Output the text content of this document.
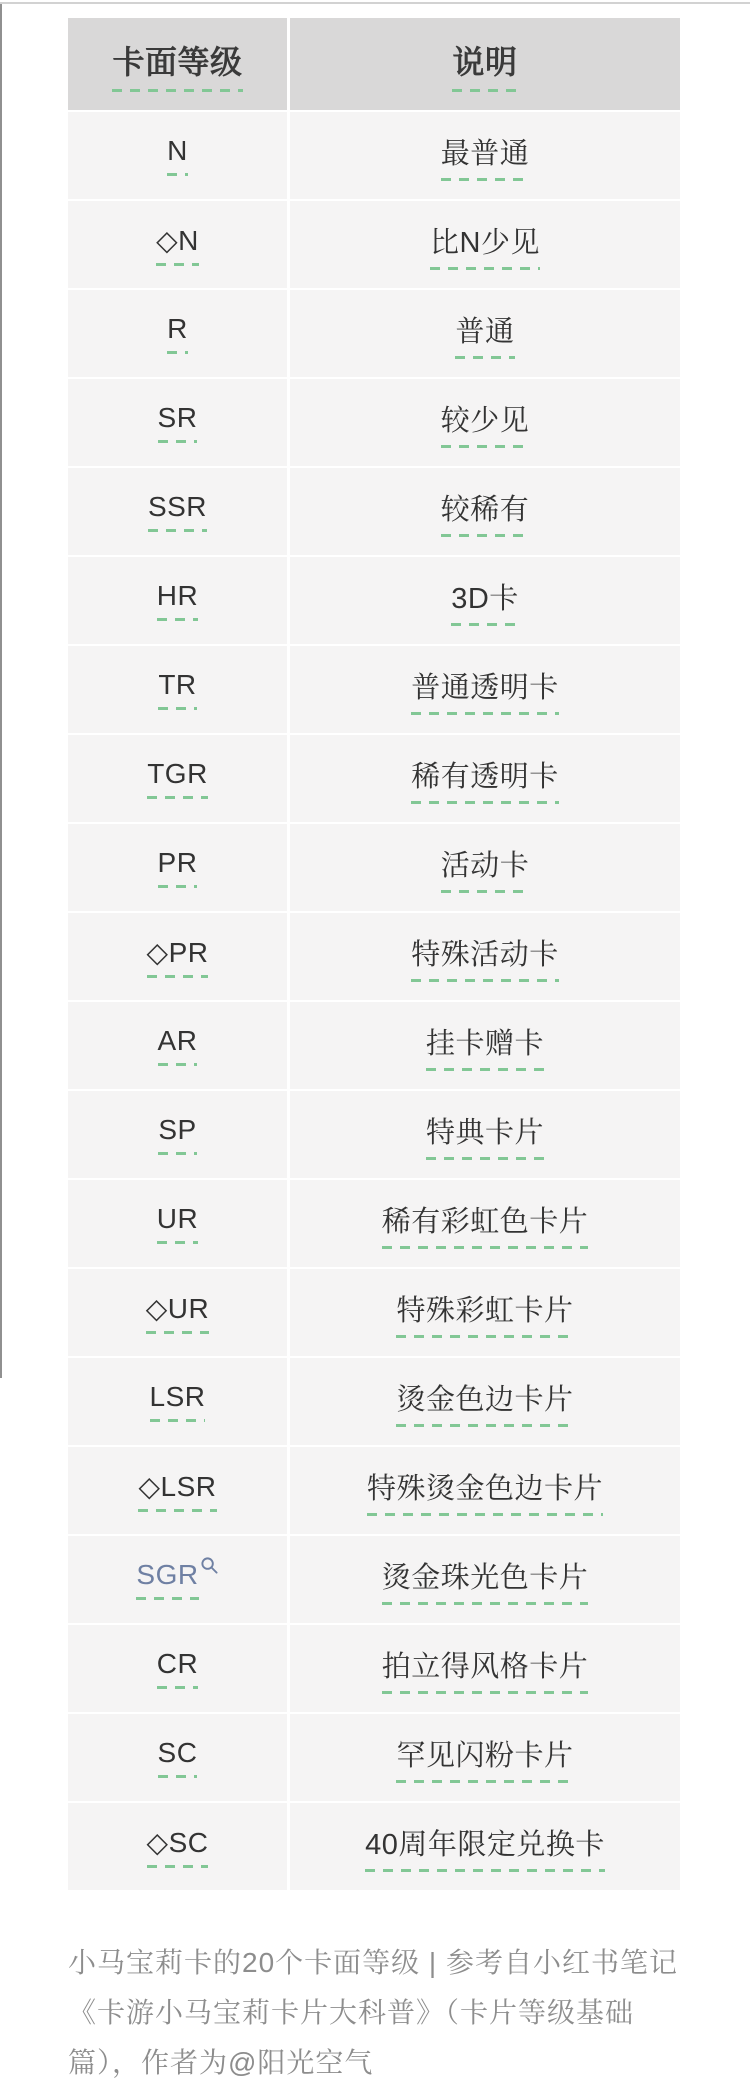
卡面等级	说明
N	最普通
◇N	比N少见
R	普通
SR	较少见
SSR	较稀有
HR	3D卡
TR	普通透明卡
TGR	稀有透明卡
PR	活动卡
◇PR	特殊活动卡
AR	挂卡赠卡
SP	特典卡片
UR	稀有彩虹色卡片
◇UR	特殊彩虹卡片
LSR	烫金色边卡片
◇LSR	特殊烫金色边卡片
SGR	烫金珠光色卡片
CR	拍立得风格卡片
SC	罕见闪粉卡片
◇SC	40周年限定兑换卡
小马宝莉卡的20个卡面等级 | 参考自小红书笔记
《卡游小马宝莉卡片大科普》（卡片等级基础
篇），作者为@阳光空气
